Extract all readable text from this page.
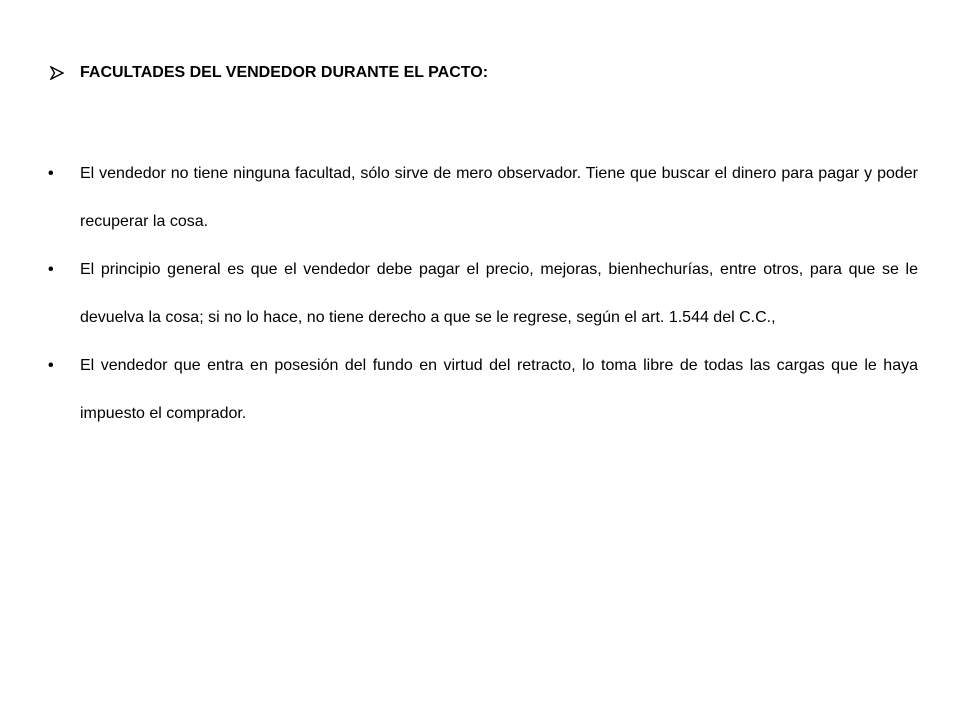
FACULTADES DEL VENDEDOR DURANTE EL PACTO:
•	El vendedor no tiene ninguna facultad, sólo sirve de mero observador. Tiene que buscar el dinero para pagar y poder recuperar la cosa.
•	El principio general es que el vendedor debe pagar el precio, mejoras, bienhechurías, entre otros, para que se le devuelva la cosa; si no lo hace, no tiene derecho a que se le regrese, según el art. 1.544 del C.C.,
•	El vendedor que entra en posesión del fundo en virtud del retracto, lo toma libre de todas las cargas que le haya impuesto el comprador.
